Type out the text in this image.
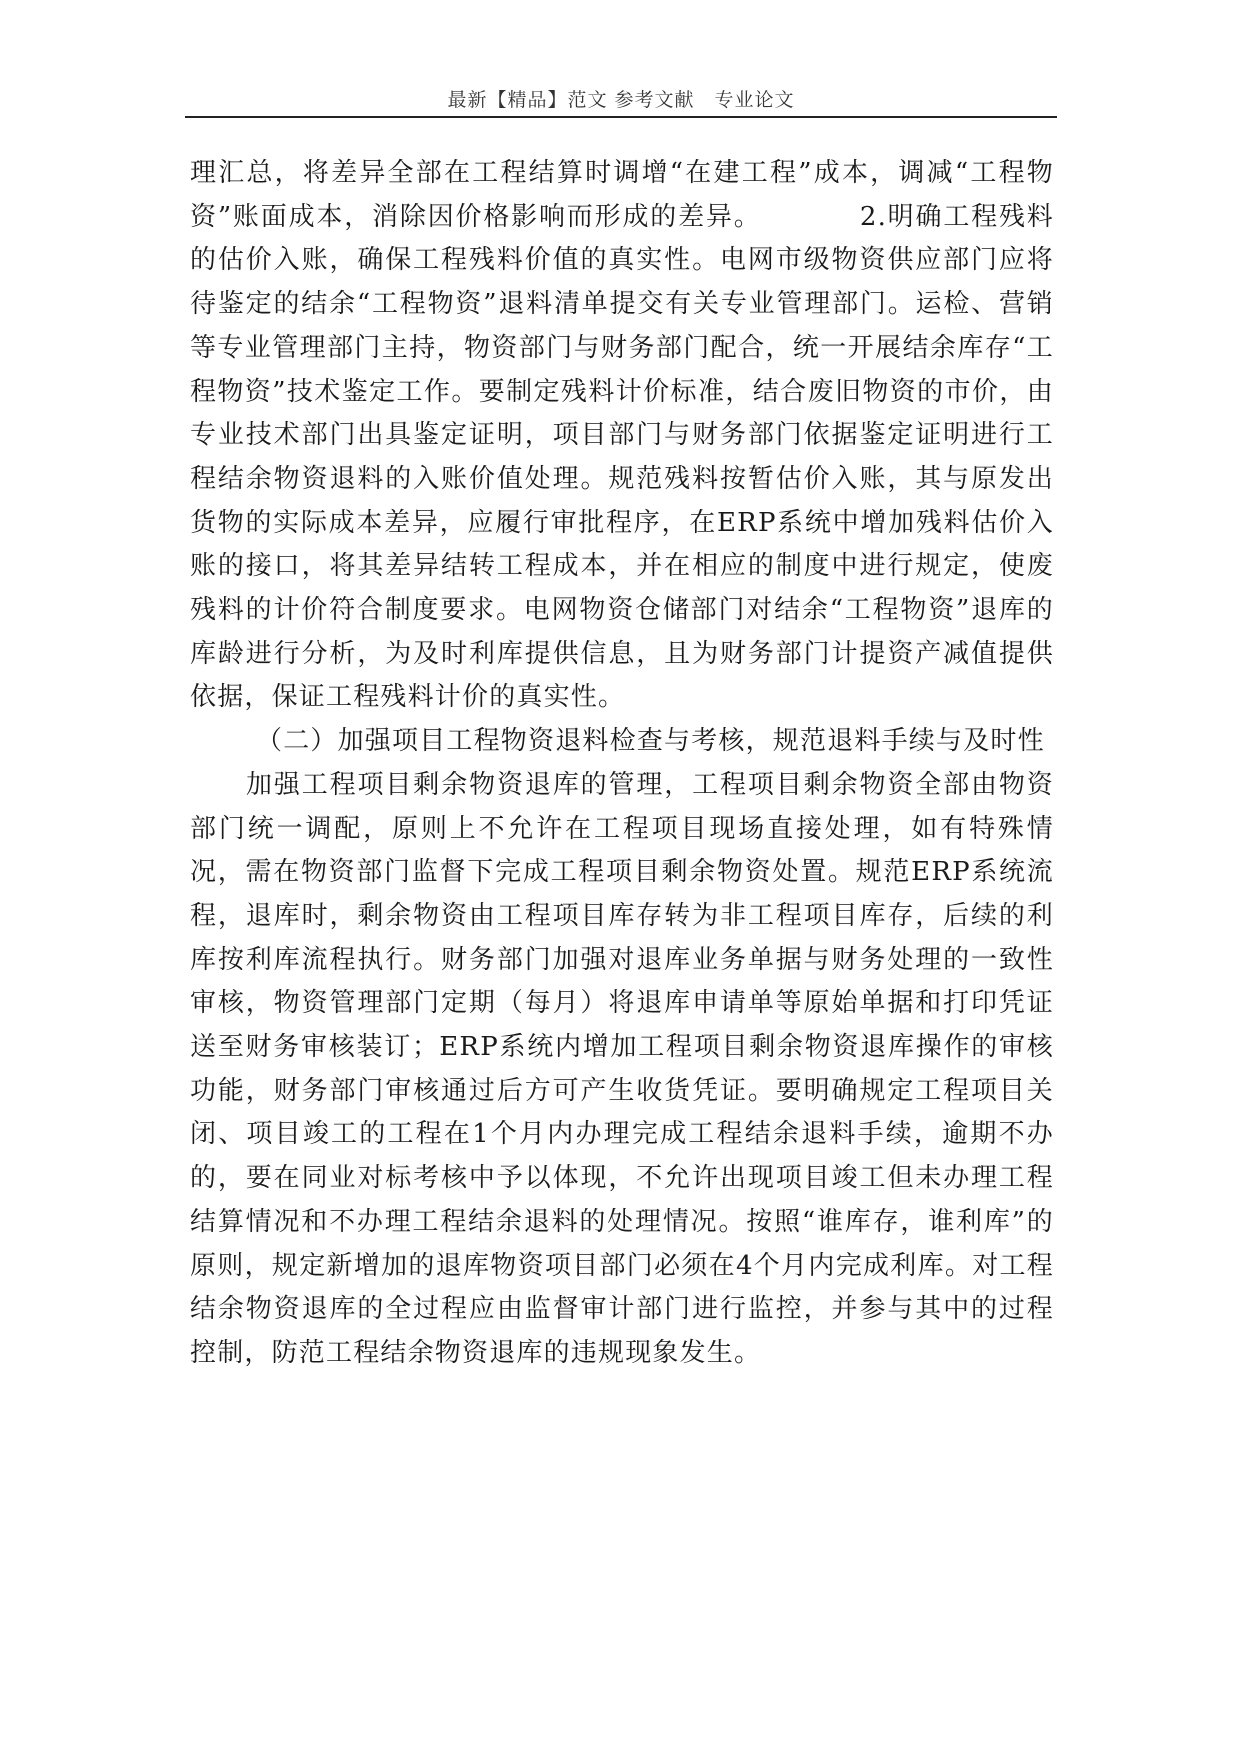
最新【精品】范文 参考文献　专业论文

理汇总，将差异全部在工程结算时调增“在建工程”成本，调减“工程物资”账面成本，消除因价格影响而形成的差异。　　　　2.明确工程残料的估价入账，确保工程残料价值的真实性。电网市级物资供应部门应将待鉴定的结余“工程物资”退料清单提交有关专业管理部门。运检、营销等专业管理部门主持，物资部门与财务部门配合，统一开展结余库存“工程物资”技术鉴定工作。要制定残料计价标准，结合废旧物资的市价，由专业技术部门出具鉴定证明，项目部门与财务部门依据鉴定证明进行工程结余物资退料的入账价值处理。规范残料按暂估价入账，其与原发出货物的实际成本差异，应履行审批程序，在ERP系统中增加残料估价入账的接口，将其差异结转工程成本，并在相应的制度中进行规定，使废残料的计价符合制度要求。电网物资仓储部门对结余“工程物资”退库的库龄进行分析，为及时利库提供信息，且为财务部门计提资产减值提供依据，保证工程残料计价的真实性。

（二）加强项目工程物资退料检查与考核，规范退料手续与及时性

加强工程项目剩余物资退库的管理，工程项目剩余物资全部由物资部门统一调配，原则上不允许在工程项目现场直接处理，如有特殊情况，需在物资部门监督下完成工程项目剩余物资处置。规范ERP系统流程，退库时，剩余物资由工程项目库存转为非工程项目库存，后续的利库按利库流程执行。财务部门加强对退库业务单据与财务处理的一致性审核，物资管理部门定期（每月）将退库申请单等原始单据和打印凭证送至财务审核装订；ERP系统内增加工程项目剩余物资退库操作的审核功能，财务部门审核通过后方可产生收货凭证。要明确规定工程项目关闭、项目竣工的工程在1个月内办理完成工程结余退料手续，逾期不办的，要在同业对标考核中予以体现，不允许出现项目竣工但未办理工程结算情况和不办理工程结余退料的处理情况。按照“谁库存，谁利库”的原则，规定新增加的退库物资项目部门必须在4个月内完成利库。对工程结余物资退库的全过程应由监督审计部门进行监控，并参与其中的过程控制，防范工程结余物资退库的违规现象发生。
